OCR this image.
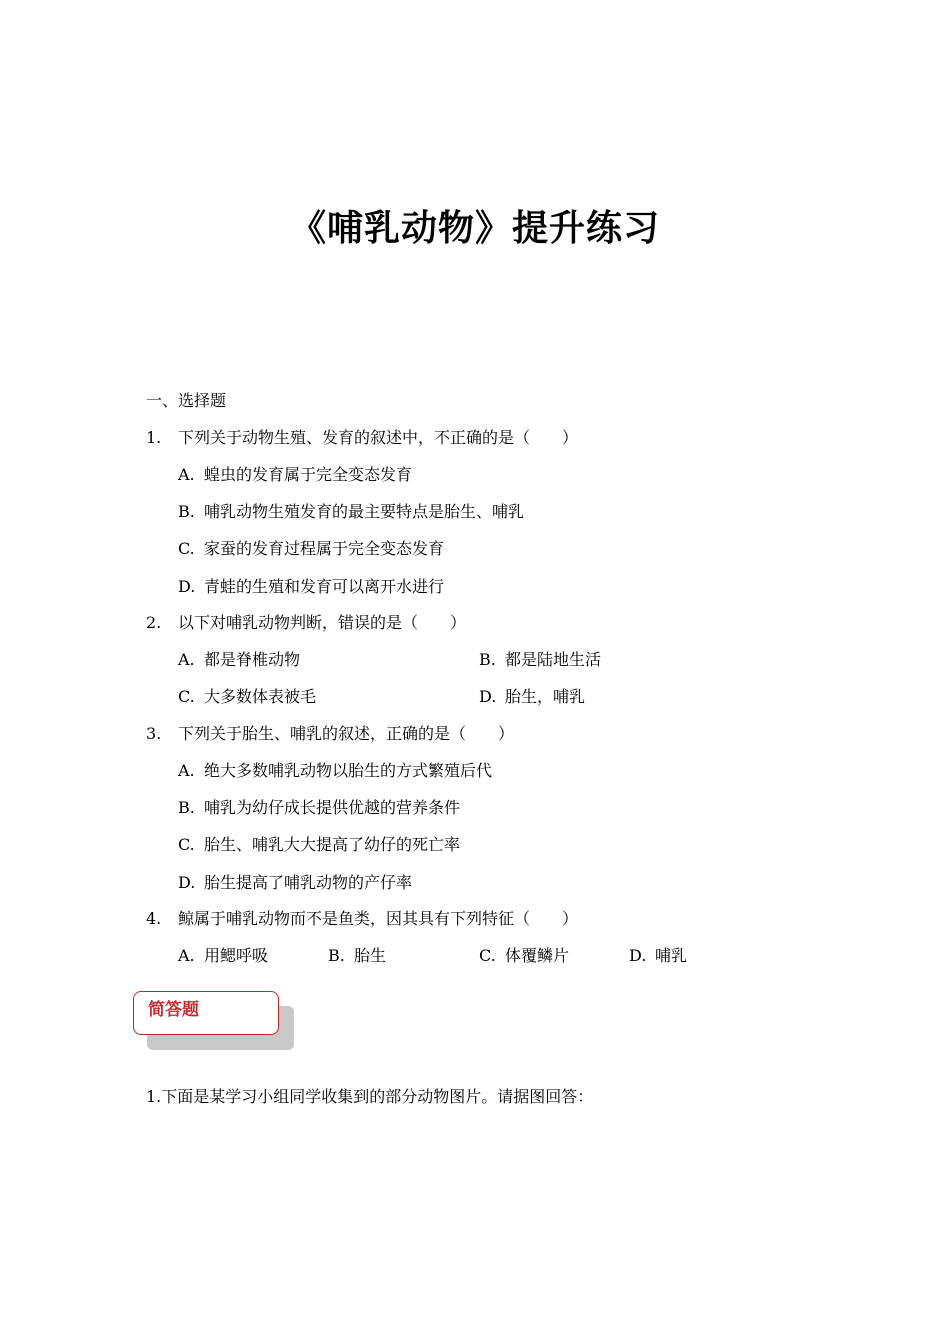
《哺乳动物》提升练习
一、选择题
1. 下列关于动物生殖、发育的叙述中，不正确的是（　　）
A. 蝗虫的发育属于完全变态发育
B. 哺乳动物生殖发育的最主要特点是胎生、哺乳
C. 家蚕的发育过程属于完全变态发育
D. 青蛙的生殖和发育可以离开水进行
2. 以下对哺乳动物判断，错误的是（　　）
A. 都是脊椎动物	B. 都是陆地生活
C. 大多数体表被毛	D. 胎生，哺乳
3. 下列关于胎生、哺乳的叙述，正确的是（　　）
A. 绝大多数哺乳动物以胎生的方式繁殖后代
B. 哺乳为幼仔成长提供优越的营养条件
C. 胎生、哺乳大大提高了幼仔的死亡率
D. 胎生提高了哺乳动物的产仔率
4. 鲸属于哺乳动物而不是鱼类，因其具有下列特征（　　）
A. 用鳃呼吸	B. 胎生	C. 体覆鳞片	D. 哺乳
简答题
1.下面是某学习小组同学收集到的部分动物图片。请据图回答：
